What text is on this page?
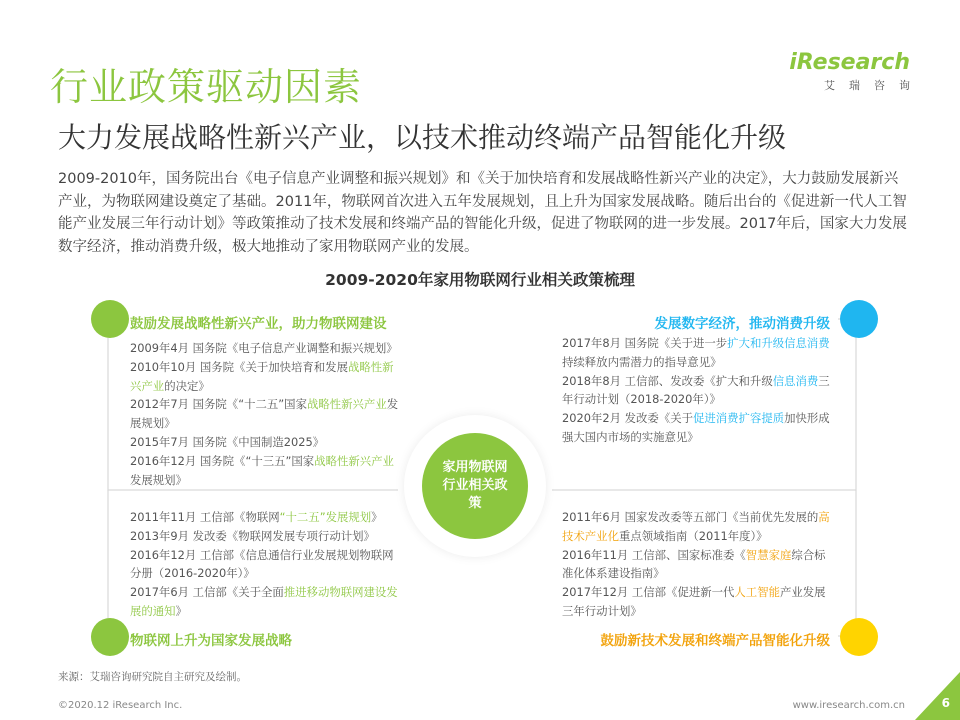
行业政策驱动因素
大力发展战略性新兴产业，以技术推动终端产品智能化升级
iResearch
艾瑞咨询
2009-2010年，国务院出台《电子信息产业调整和振兴规划》和《关于加快培育和发展战略性新兴产业的决定》，大力鼓励发展新兴产业，为物联网建设奠定了基础。2011年，物联网首次进入五年发展规划，且上升为国家发展战略。随后出台的《促进新一代人工智能产业发展三年行动计划》等政策推动了技术发展和终端产品的智能化升级，促进了物联网的进一步发展。2017年后，国家大力发展数字经济，推动消费升级，极大地推动了家用物联网产业的发展。
2009-2020年家用物联网行业相关政策梳理
鼓励发展战略性新兴产业，助力物联网建设	发展数字经济，推动消费升级
物联网上升为国家发展战略	鼓励新技术发展和终端产品智能化升级
2009年4月 国务院《电子信息产业调整和振兴规划》
2010年10月 国务院《关于加快培育和发展战略性新兴产业的决定》
2012年7月 国务院《“十二五”国家战略性新兴产业发展规划》
2015年7月 国务院《中国制造2025》
2016年12月 国务院《“十三五”国家战略性新兴产业发展规划》
2017年8月 国务院《关于进一步扩大和升级信息消费持续释放内需潜力的指导意见》
2018年8月 工信部、发改委《扩大和升级信息消费三年行动计划（2018-2020年）》
2020年2月 发改委《关于促进消费扩容提质加快形成强大国内市场的实施意见》
2011年11月 工信部《物联网“十二五”发展规划》
2013年9月 发改委《物联网发展专项行动计划》
2016年12月 工信部《信息通信行业发展规划物联网分册（2016-2020年）》
2017年6月 工信部《关于全面推进移动物联网建设发展的通知》
2011年6月 国家发改委等五部门《当前优先发展的高技术产业化重点领域指南（2011年度）》
2016年11月 工信部、国家标准委《智慧家庭综合标准化体系建设指南》
2017年12月 工信部《促进新一代人工智能产业发展三年行动计划》
家用物联网行业相关政策
来源：艾瑞咨询研究院自主研究及绘制。
©2020.12 iResearch Inc.	www.iresearch.com.cn	6
